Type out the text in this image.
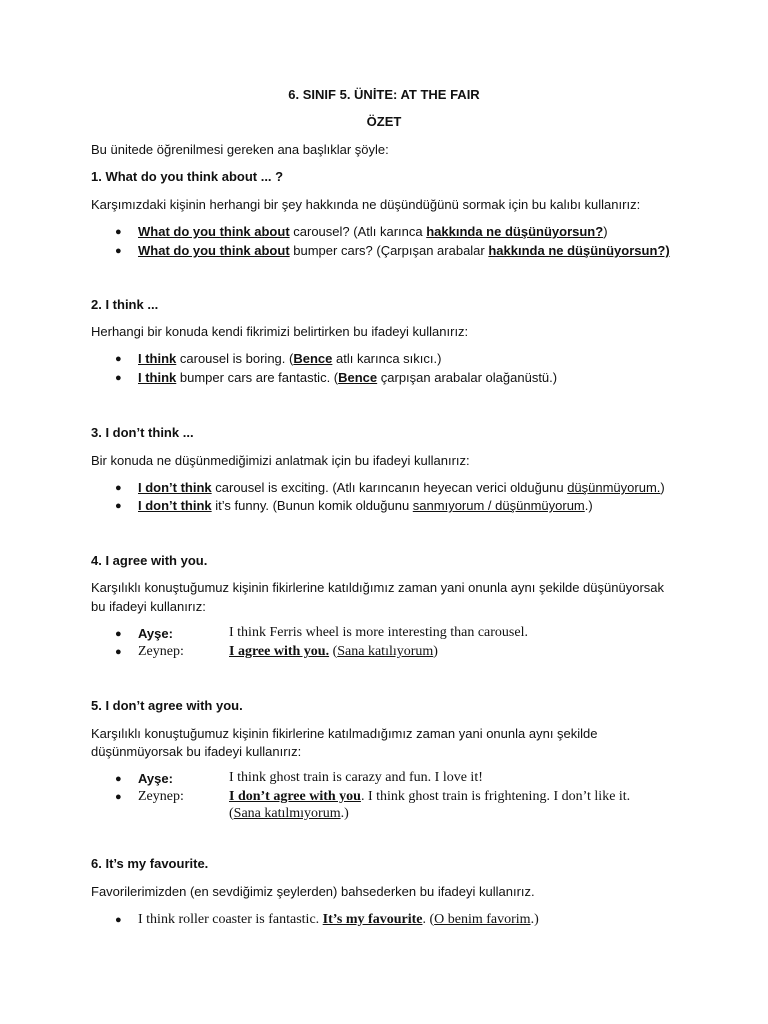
6. SINIF 5. ÜNİTE: AT THE FAIR
ÖZET
Bu ünitede öğrenilmesi gereken ana başlıklar şöyle:
1. What do you think about ... ?
Karşımızdaki kişinin herhangi bir şey hakkında ne düşündüğünü sormak için bu kalıbı kullanırız:
● What do you think about carousel? (Atlı karınca hakkında ne düşünüyorsun?)
● What do you think about bumper cars? (Çarpışan arabalar hakkında ne düşünüyorsun?)
2. I think ...
Herhangi bir konuda kendi fikrimizi belirtirken bu ifadeyi kullanırız:
● I think carousel is boring. (Bence atlı karınca sıkıcı.)
● I think bumper cars are fantastic. (Bence çarpışan arabalar olağanüstü.)
3. I don’t think ...
Bir konuda ne düşünmediğimizi anlatmak için bu ifadeyi kullanırız:
● I don’t think carousel is exciting. (Atlı karıncanın heyecan verici olduğunu düşünmüyorum.)
● I don’t think it’s funny. (Bunun komik olduğunu sanmıyorum / düşünmüyorum.)
4. I agree with you.
Karşılıklı konuştuğumuz kişinin fikirlerine katıldığımız zaman yani onunla aynı şekilde düşünüyorsak
bu ifadeyi kullanırız:
● Ayşe:	I think Ferris wheel is more interesting than carousel.
● Zeynep:	I agree with you. (Sana katılıyorum)
5. I don’t agree with you.
Karşılıklı konuştuğumuz kişinin fikirlerine katılmadığımız zaman yani onunla aynı şekilde
düşünmüyorsak bu ifadeyi kullanırız:
● Ayşe:	I think ghost train is carazy and fun. I love it!
● Zeynep:	I don’t agree with you. I think ghost train is frightening. I don’t like it.
(Sana katılmıyorum.)
6. It’s my favourite.
Favorilerimizden (en sevdiğimiz şeylerden) bahsederken bu ifadeyi kullanırız.
● I think roller coaster is fantastic. It’s my favourite. (O benim favorim.)
